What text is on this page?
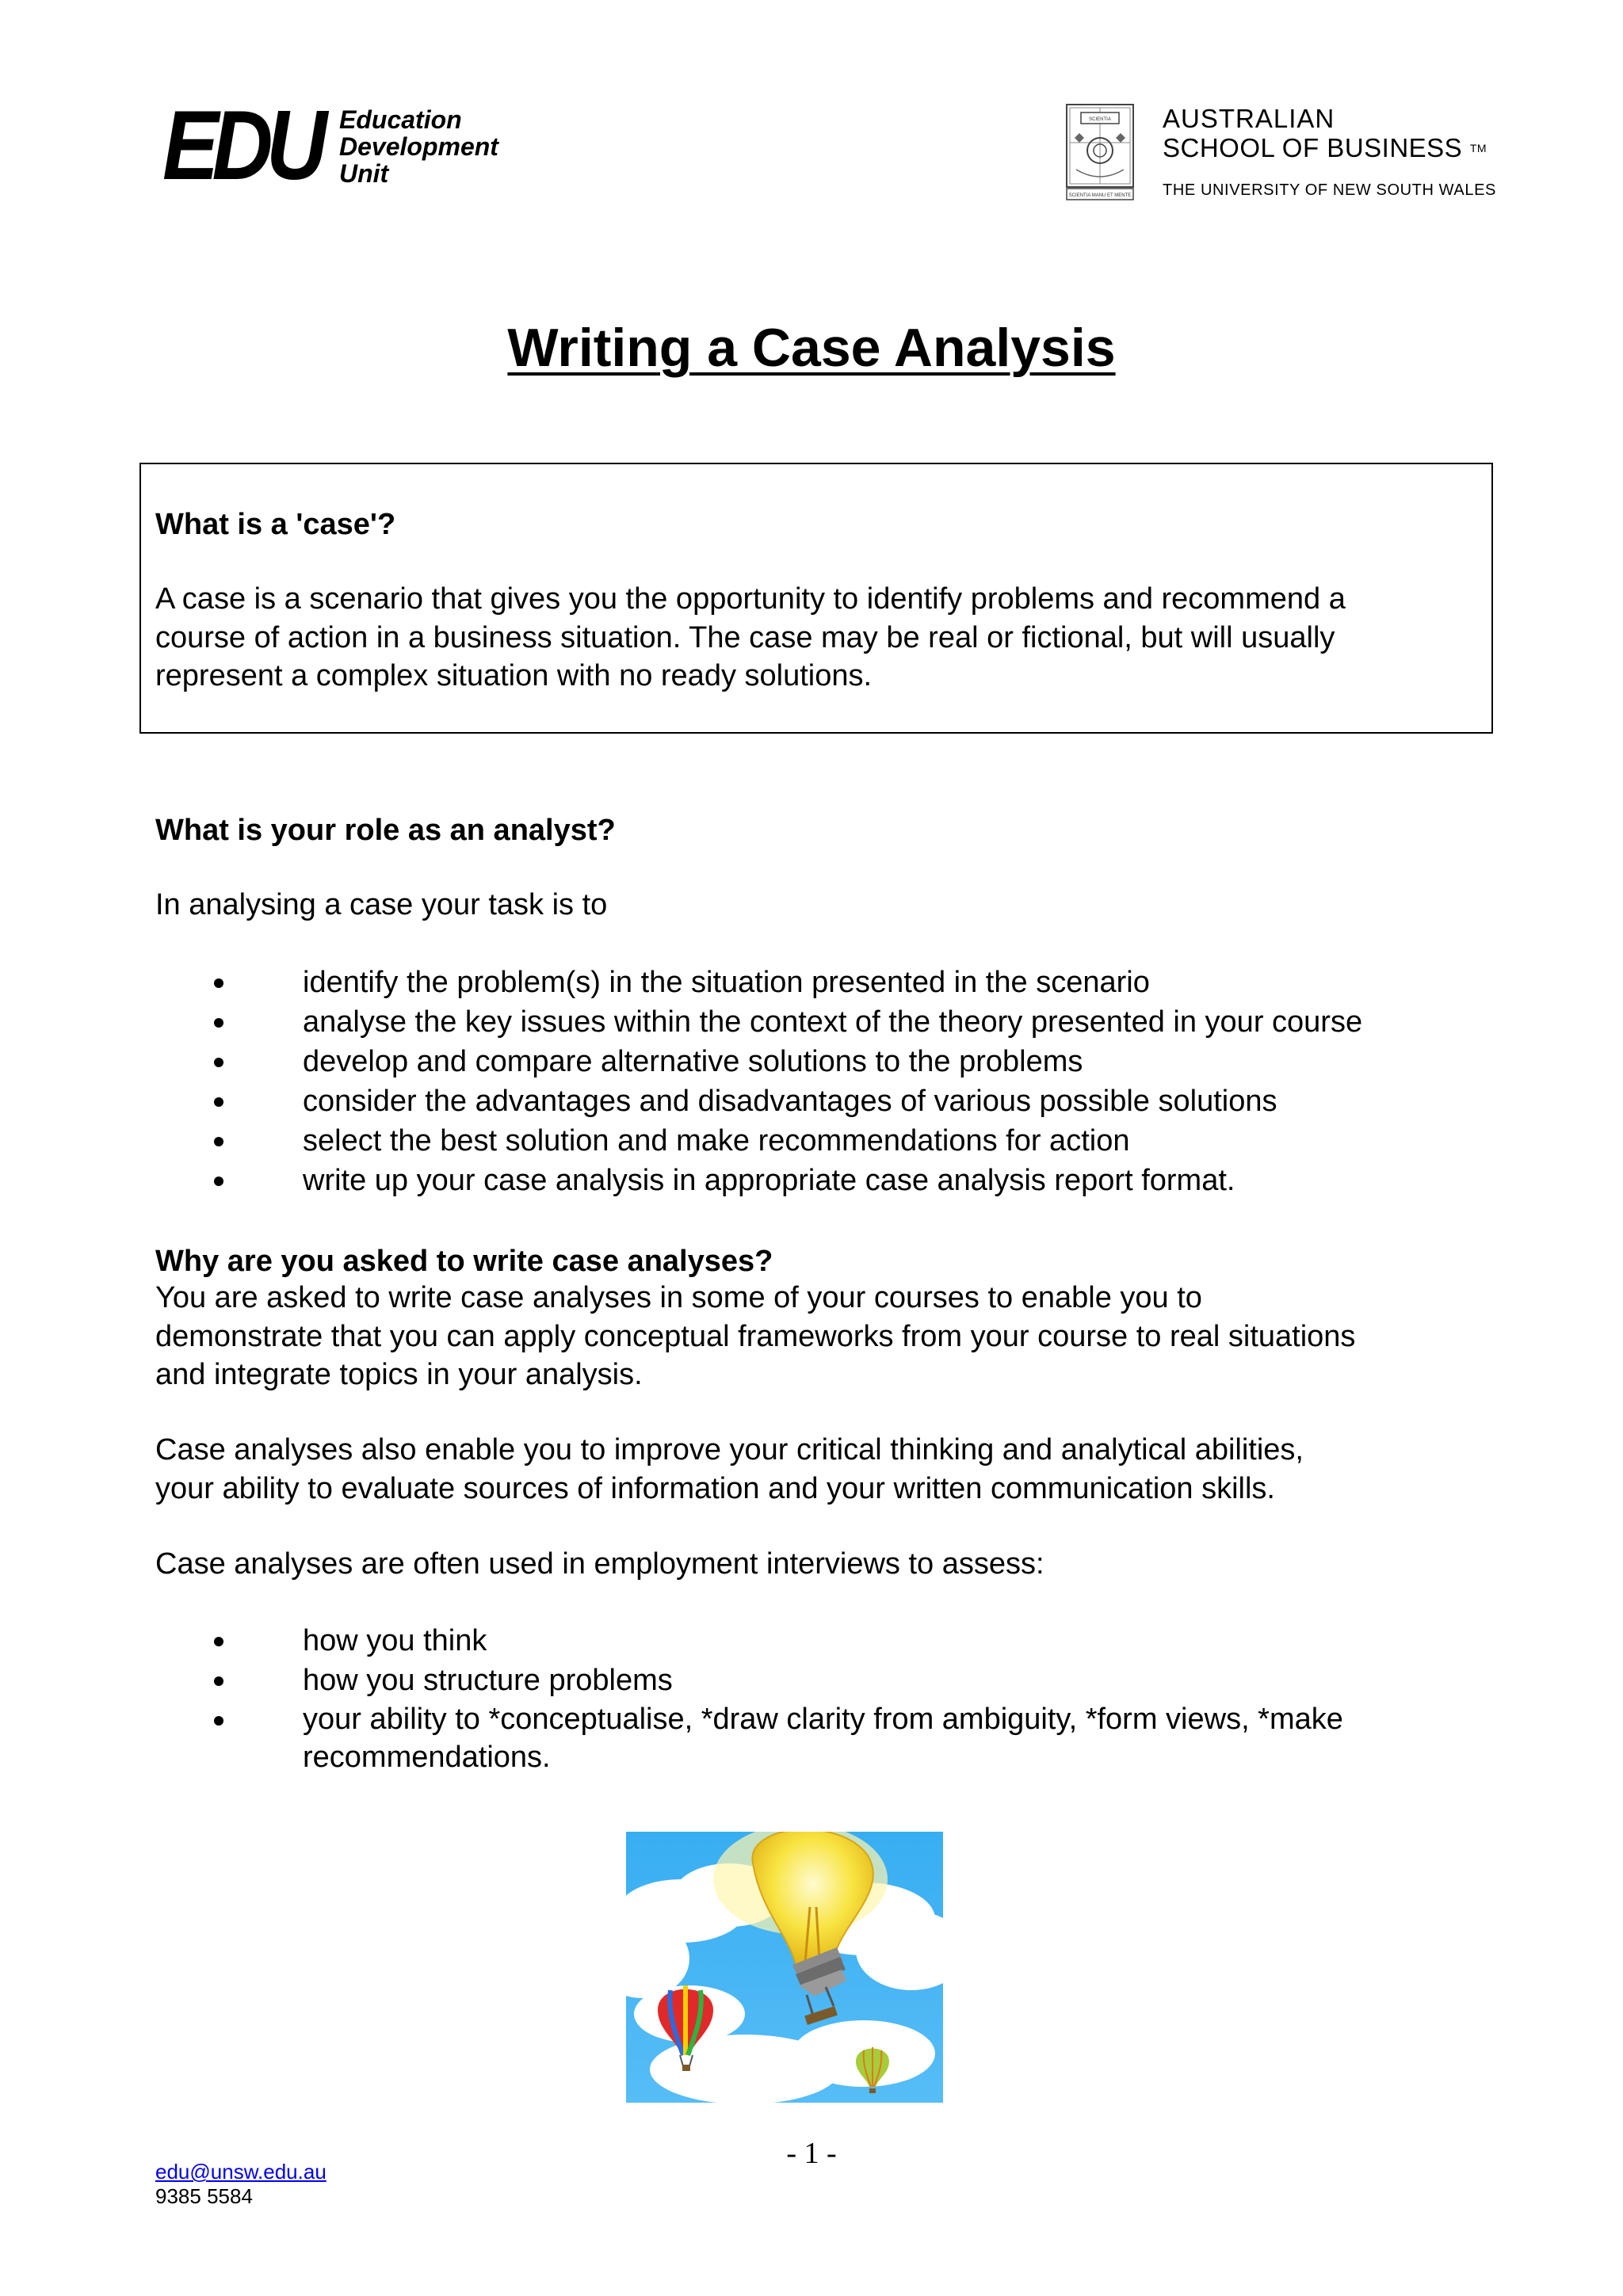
EDU Education
Development
Unit
SCIENTIA
SCIENTIA MANU ET MENTE
AUSTRALIAN
SCHOOL OF BUSINESS ™
THE UNIVERSITY OF NEW SOUTH WALES
Writing a Case Analysis
What is a 'case'?
A case is a scenario that gives you the opportunity to identify problems and recommend a
course of action in a business situation. The case may be real or fictional, but will usually
represent a complex situation with no ready solutions.
What is your role as an analyst?
In analysing a case your task is to
identify the problem(s) in the situation presented in the scenario
analyse the key issues within the context of the theory presented in your course
develop and compare alternative solutions to the problems
consider the advantages and disadvantages of various possible solutions
select the best solution and make recommendations for action
write up your case analysis in appropriate case analysis report format.
Why are you asked to write case analyses?
You are asked to write case analyses in some of your courses to enable you to
demonstrate that you can apply conceptual frameworks from your course to real situations
and integrate topics in your analysis.
Case analyses also enable you to improve your critical thinking and analytical abilities,
your ability to evaluate sources of information and your written communication skills.
Case analyses are often used in employment interviews to assess:
how you think
how you structure problems
your ability to *conceptualise, *draw clarity from ambiguity, *form views, *make
recommendations.
- 1 -
edu@unsw.edu.au
9385 5584
